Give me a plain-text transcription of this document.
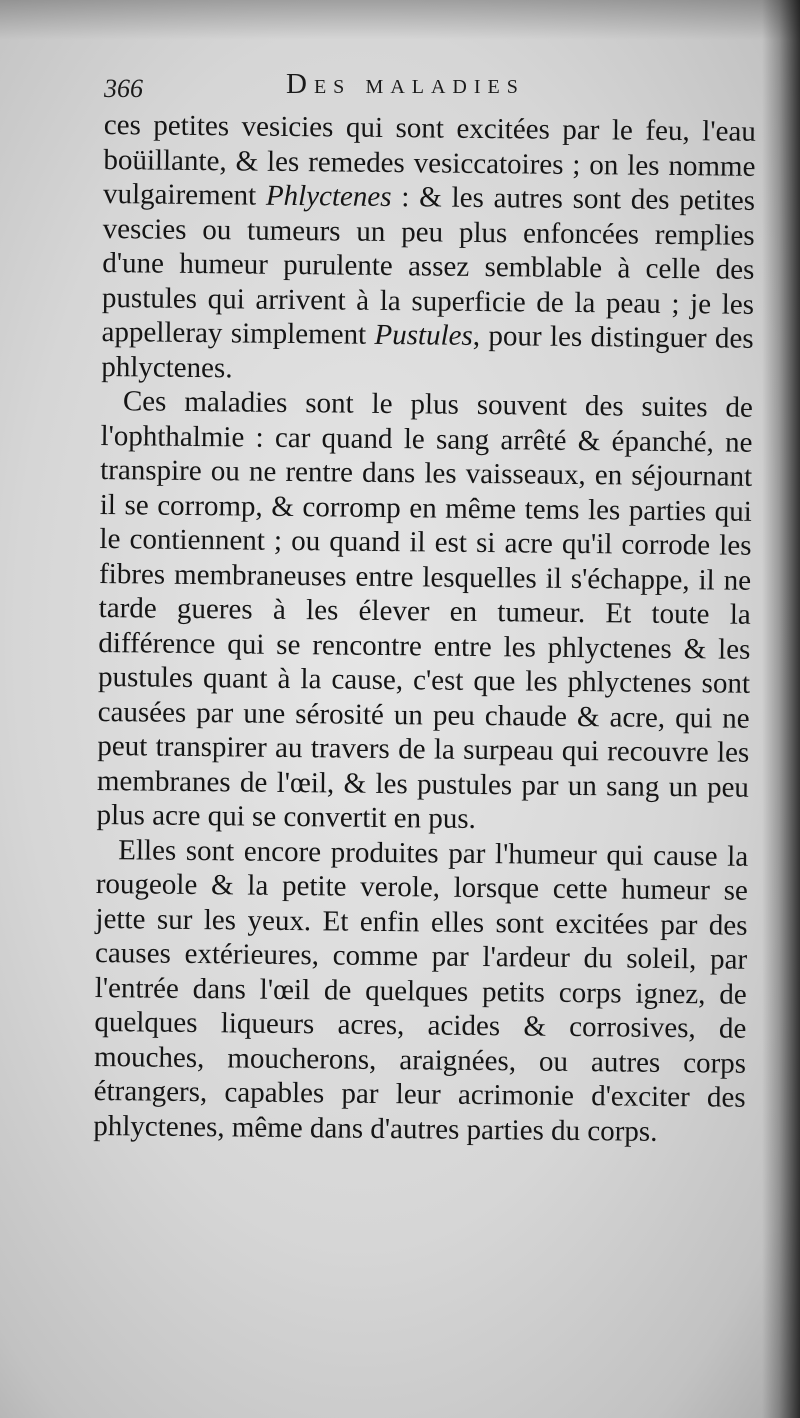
366	Des maladies

ces petites vesicies qui sont excitées par le feu, l'eau boüillante, & les remedes vesiccatoires ; on les nomme vulgairement Phlyctenes : & les autres sont des petites vescies ou tumeurs un peu plus enfoncées remplies d'une humeur purulente assez semblable à celle des pustules qui arrivent à la superficie de la peau ; je les appelleray simplement Pustules, pour les distinguer des phlyctenes.

Ces maladies sont le plus souvent des suites de l'ophthalmie : car quand le sang arrêté & épanché, ne transpire ou ne rentre dans les vaisseaux, en séjournant il se corromp, & corromp en même tems les parties qui le contiennent ; ou quand il est si acre qu'il corrode les fibres membraneuses entre lesquelles il s'échappe, il ne tarde gueres à les élever en tumeur. Et toute la différence qui se rencontre entre les phlyctenes & les pustules quant à la cause, c'est que les phlyctenes sont causées par une sérosité un peu chaude & acre, qui ne peut transpirer au travers de la surpeau qui recouvre les membranes de l'œil, & les pustules par un sang un peu plus acre qui se convertit en pus.

Elles sont encore produites par l'humeur qui cause la rougeole & la petite verole, lorsque cette humeur se jette sur les yeux. Et enfin elles sont excitées par des causes extérieures, comme par l'ardeur du soleil, par l'entrée dans l'œil de quelques petits corps ignez, de quelques liqueurs acres, acides & corrosives, de mouches, moucherons, araignées, ou autres corps étrangers, capables par leur acrimonie d'exciter des phlyctenes, même dans d'autres parties du corps.
